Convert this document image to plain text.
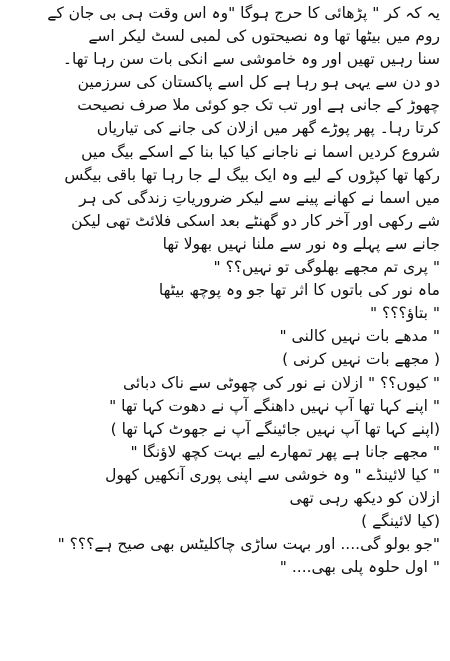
یہ کہ کر " پڑھائی کا حرج ہوگا "وہ اس وقت ہی بی جان کے
روم میں بیٹھا تھا وہ نصیحتوں کی لمبی لسٹ لیکر اسے
سنا رہیں تھیں اور وہ خاموشی سے انکی بات سن رہا تھا۔
دو دن سے یہی ہو رہا ہے کل اسے پاکستان کی سرزمین
چھوڑ کے جانی ہے اور تب تک جو کوئی ملا صرف نصیحت
کرتا رہا۔ پھر پوڑے گھر میں ازلان کی جانے کی تیاریاں
شروع کردیں اسما نے ناجانے کیا کیا بنا کے اسکے بیگ میں
رکھا تھا کپڑوں کے لیے وہ ایک بیگ لے جا رہا تھا باقی بیگس
میں اسما نے کھانے پینے سے لیکر ضروریاتِ زندگی کی ہر
شے رکھی اور آخر کار دو گھنٹے بعد اسکی فلائٹ تھی لیکن
جانے سے پہلے وہ نور سے ملنا نہیں بھولا تھا
" پری تم مجھے بھلوگی تو نہیں؟؟ "
ماہ نور کی باتوں کا اثر تھا جو وہ پوچھ بیٹھا
" بتاؤ؟؟؟ "
" مدھے بات نہیں کالنی "
( مجھے بات نہیں کرنی )
" کیوں؟؟ " ازلان نے نور کی چھوٹی سے ناک دبائی
" اپنے کہا تھا آپ نہیں داھنگے آپ نے دھوت کہا تھا "
(اپنے کہا تھا آپ نہیں جائینگے آپ نے جھوٹ کہا تھا )
" مجھے جانا ہے پھر تمھارے لیے بہت کچھ لاؤنگا "
" کیا لائینڈے " وہ خوشی سے اپنی پوری آنکھیں کھول
ازلان کو دیکھ رہی تھی
(کیا لائینگے )
"جو بولو گی.... اور بہت ساڑی چاکلیٹس بھی صیح ہے؟؟؟ "
" اول حلوہ پلی بھی.... "
